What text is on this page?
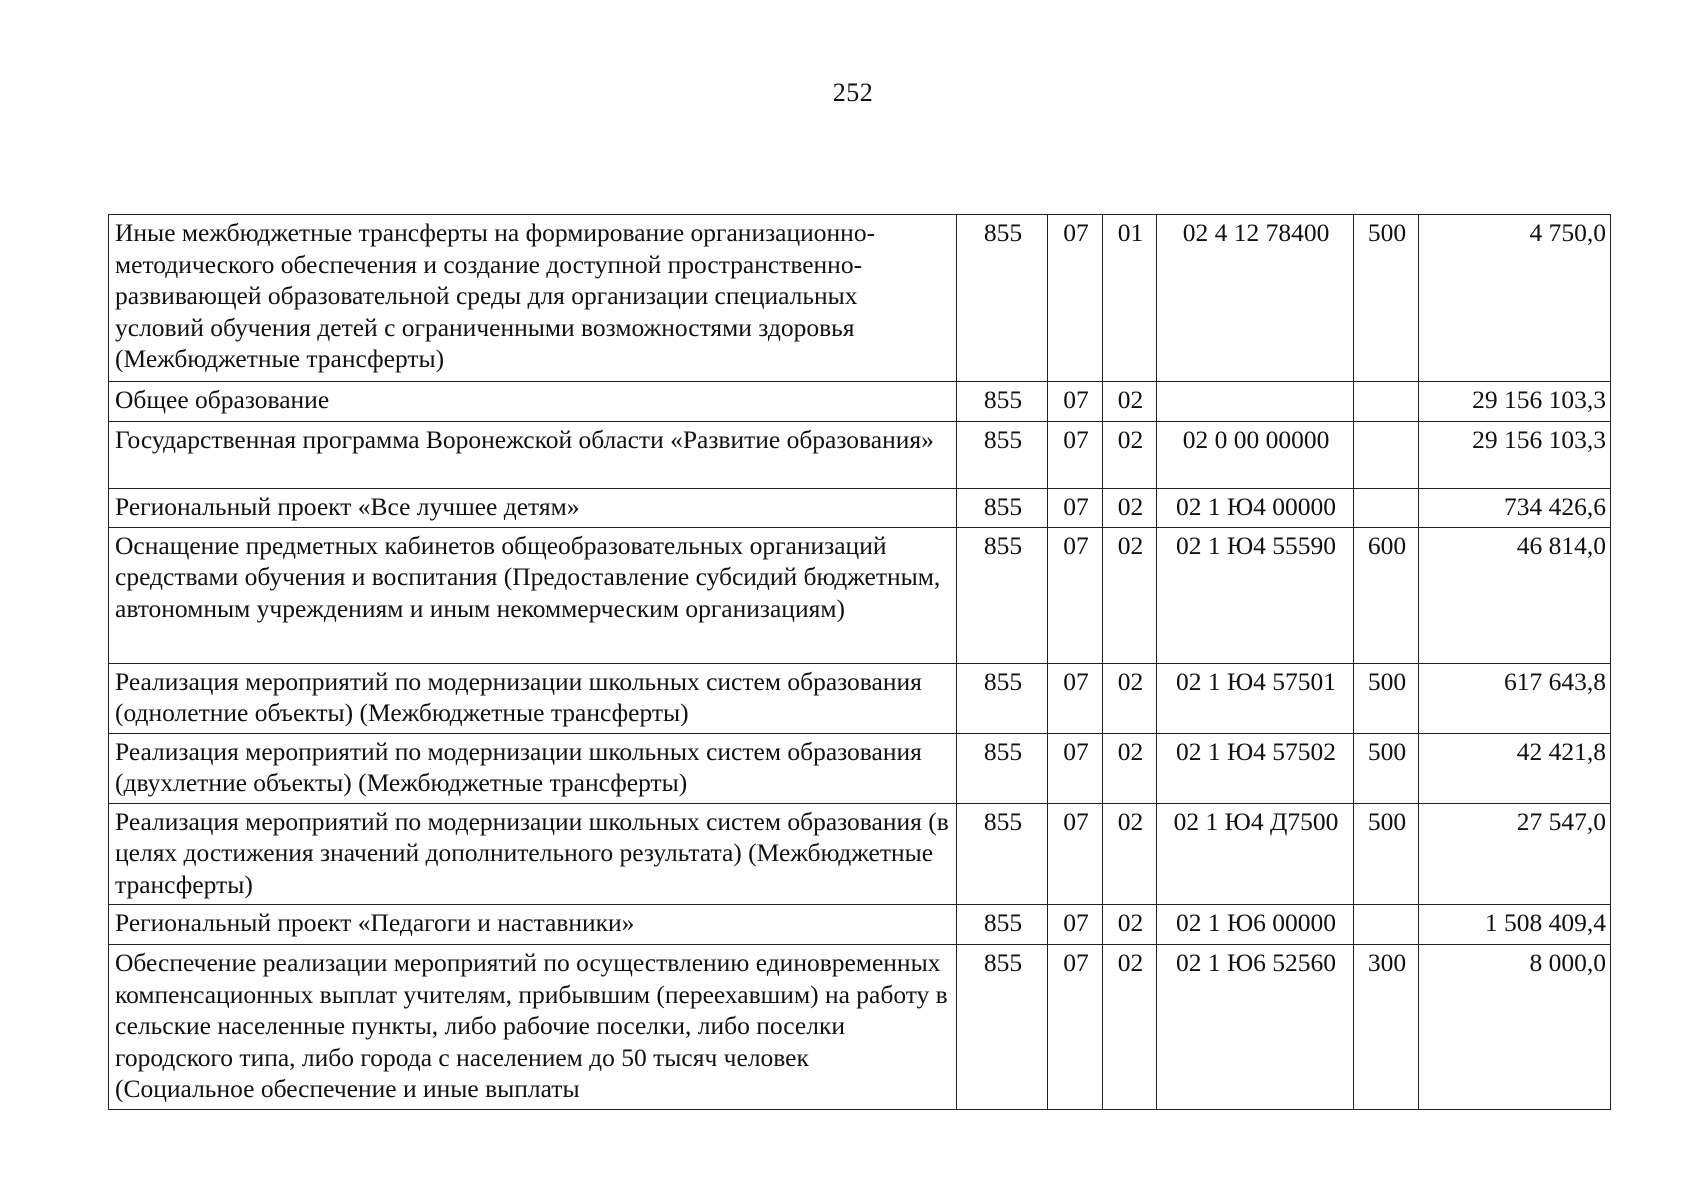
252
Иные межбюджетные трансферты на формирование организационно-методического обеспечения и создание доступной пространственно-развивающей образовательной среды для организации специальных условий обучения детей с ограниченными возможностями здоровья (Межбюджетные трансферты)	855	07	01	02 4 12 78400	500	4 750,0
Общее образование	855	07	02			29 156 103,3
Государственная программа Воронежской области «Развитие образования»	855	07	02	02 0 00 00000		29 156 103,3
Региональный проект «Все лучшее детям»	855	07	02	02 1 Ю4 00000		734 426,6
Оснащение предметных кабинетов общеобразовательных организаций средствами обучения и воспитания (Предоставление субсидий бюджетным, автономным учреждениям и иным некоммерческим организациям)	855	07	02	02 1 Ю4 55590	600	46 814,0
Реализация мероприятий по модернизации школьных систем образования (однолетние объекты) (Межбюджетные трансферты)	855	07	02	02 1 Ю4 57501	500	617 643,8
Реализация мероприятий по модернизации школьных систем образования (двухлетние объекты) (Межбюджетные трансферты)	855	07	02	02 1 Ю4 57502	500	42 421,8
Реализация мероприятий по модернизации школьных систем образования (в целях достижения значений дополнительного результата) (Межбюджетные трансферты)	855	07	02	02 1 Ю4 Д7500	500	27 547,0
Региональный проект «Педагоги и наставники»	855	07	02	02 1 Ю6 00000		1 508 409,4
Обеспечение реализации мероприятий по осуществлению единовременных компенсационных выплат учителям, прибывшим (переехавшим) на работу в сельские населенные пункты, либо рабочие поселки, либо поселки городского типа, либо города с населением до 50 тысяч человек (Социальное обеспечение и иные выплаты	855	07	02	02 1 Ю6 52560	300	8 000,0
